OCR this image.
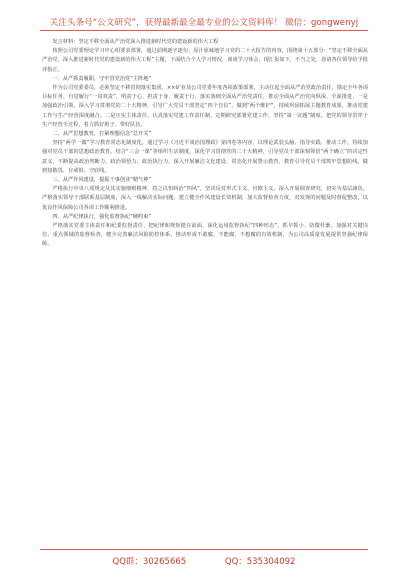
关注头条号“公文研究”，获得最新最全最专业的公文资料库！ 微信：gongwenyj

发言材料：坚定不移全面从严治党深入推进新时代党的建设新的伟大工程

按照公司党委理论学习中心组要求部署，通过前期逐字逐句、原汁原味地学习党的二十大报告的内容，围绕第十五部分：“坚定不移全面从严治党，深入推进新时代党的建设新的伟大工程”主题，下面结合个人学习情况，谈谈学习体会，现汇报如下，不当之处，恳请各位领导给予批评指正。

一、从严抓责履职，守牢管党治党“主阵地”

作为公司党委委员，必须坚定不移贯彻落实集团、××矿业及公司党委年度各项政策部署，主动扛起全面从严治党政治责任，锚定全年各项目标任务，自觉履行“一岗双责”，明责于心、担责于身、履责于行，落实落细全面从严治党责任，推动全面从严治党向纵深、全面推进，一是加强政治引领。深入学习贯彻党的二十大精神，引导广大党员干部坚定“四个自信”、做到“两个维护”，持续巩固拓展主题教育成果，推动党建工作与生产经营深度融合。二是压实主体责任。认真落实党建工作责任制，定期研究部署党建工作，坚持“第一议题”制度，把党的领导贯穿于生产经营全过程，着力抓好班子、带好队伍。

二、从严思想教育，打紧理想信念“总开关”

坚持“两学一做”学习教育常态化制度化，通过学习《习近平谈治国理政》第四卷等内容，以理论武装头脑、指导实践、推动工作，持续加强对党员干部的思想政治教育。结合“三会一课”等组织生活制度，深化学习贯彻党的二十大精神，引导党员干部深刻领悟“两个确立”的决定性意义，不断提高政治判断力、政治领悟力、政治执行力。深入开展廉洁文化建设，常态化开展警示教育，教育引导党员干部筑牢思想防线，做到知敬畏、存戒惧、守底线。

三、从严作风建设，提振干事创业“精气神”

严格执行中央八项规定及其实施细则精神，持之以恒纠治“四风”，坚决反对形式主义、官僚主义，深入开展调查研究，切实为基层减负。严格落实领导干部联系基层制度，深入一线解决实际问题。建立健全作风建设长效机制，加大监督检查力度，对发现的问题及时督促整改，以优良作风保障公司各项工作顺利推进。

四、从严纪律执行，强化监督执纪“硬约束”

严格落实党委主体责任和纪委监督责任，把纪律和规矩挺在前面，深化运用监督执纪“四种形态”，抓早抓小、防微杜渐。加强对关键岗位、重点领域的监督检查，健全完善廉洁风险防控体系，推动形成不敢腐、不能腐、不想腐的有效机制，为公司高质量发展提供坚强纪律保障。

QQ群：30265665	QQ：535304092
